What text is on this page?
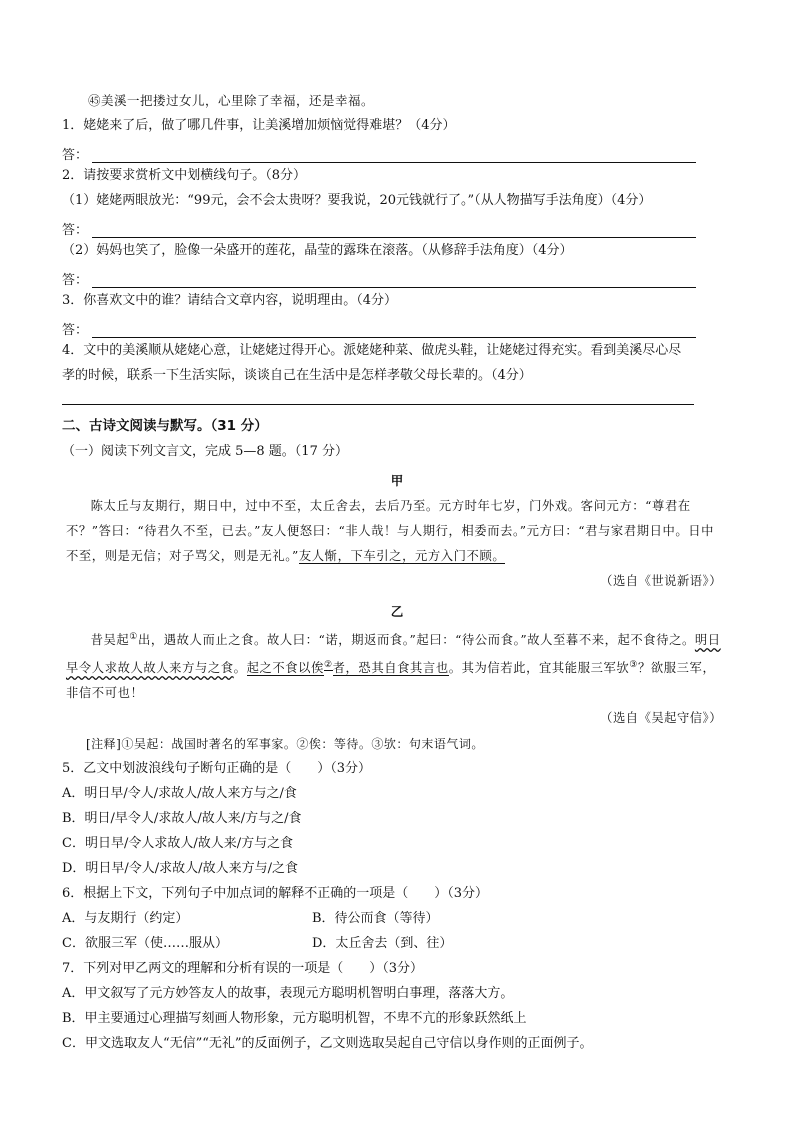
㊺美溪一把搂过女儿，心里除了幸福，还是幸福。
1．姥姥来了后，做了哪几件事，让美溪增加烦恼觉得难堪？（4分）
答：
2．请按要求赏析文中划横线句子。（8分）
（1）姥姥两眼放光：“99元，会不会太贵呀？要我说，20元钱就行了。”（从人物描写手法角度）（4分）
答：
（2）妈妈也笑了，脸像一朵盛开的莲花，晶莹的露珠在滚落。（从修辞手法角度）（4分）
答：
3．你喜欢文中的谁？请结合文章内容，说明理由。（4分）
答：
4．文中的美溪顺从姥姥心意，让姥姥过得开心。派姥姥种菜、做虎头鞋，让姥姥过得充实。看到美溪尽心尽
孝的时候，联系一下生活实际，谈谈自己在生活中是怎样孝敬父母长辈的。（4分）
二、古诗文阅读与默写。（31 分）
（一）阅读下列文言文，完成 5—8 题。（17 分）
甲
陈太丘与友期行，期日中，过中不至，太丘舍去，去后乃至。元方时年七岁，门外戏。客问元方：“尊君在不？”答曰：“待君久不至，已去。”友人便怒曰：“非人哉！与人期行，相委而去。”元方曰：“君与家君期日中。日中不至，则是无信；对子骂父，则是无礼。”友人惭，下车引之，元方入门不顾。
（选自《世说新语》）
乙
昔吴起①出，遇故人而止之食。故人曰：“诺，期返而食。”起曰：“待公而食。”故人至暮不来，起不食待之。明日早令人求故人故人来方与之食。起之不食以俟②者，恐其自食其言也。其为信若此，宜其能服三军欤③？欲服三军，非信不可也！
（选自《吴起守信》）
[注释]①吴起：战国时著名的军事家。②俟：等待。③欤：句末语气词。
5．乙文中划波浪线句子断句正确的是（　　）（3分）
A．明日早/令人/求故人/故人来方与之/食
B．明日/早令人/求故人/故人来/方与之/食
C．明日早/令人求故人/故人来/方与之食
D．明日早/令人/求故人/故人来方与/之食
6．根据上下文，下列句子中加点词的解释不正确的一项是（　　）（3分）
A．与友期行（约定）	B．待公而食（等待）
C．欲服三军（使……服从）	D．太丘舍去（到、往）
7．下列对甲乙两文的理解和分析有误的一项是（　　）（3分）
A．甲文叙写了元方妙答友人的故事，表现元方聪明机智明白事理，落落大方。
B．甲主要通过心理描写刻画人物形象，元方聪明机智，不卑不亢的形象跃然纸上
C．甲文选取友人“无信”“无礼”的反面例子，乙文则选取吴起自己守信以身作则的正面例子。
